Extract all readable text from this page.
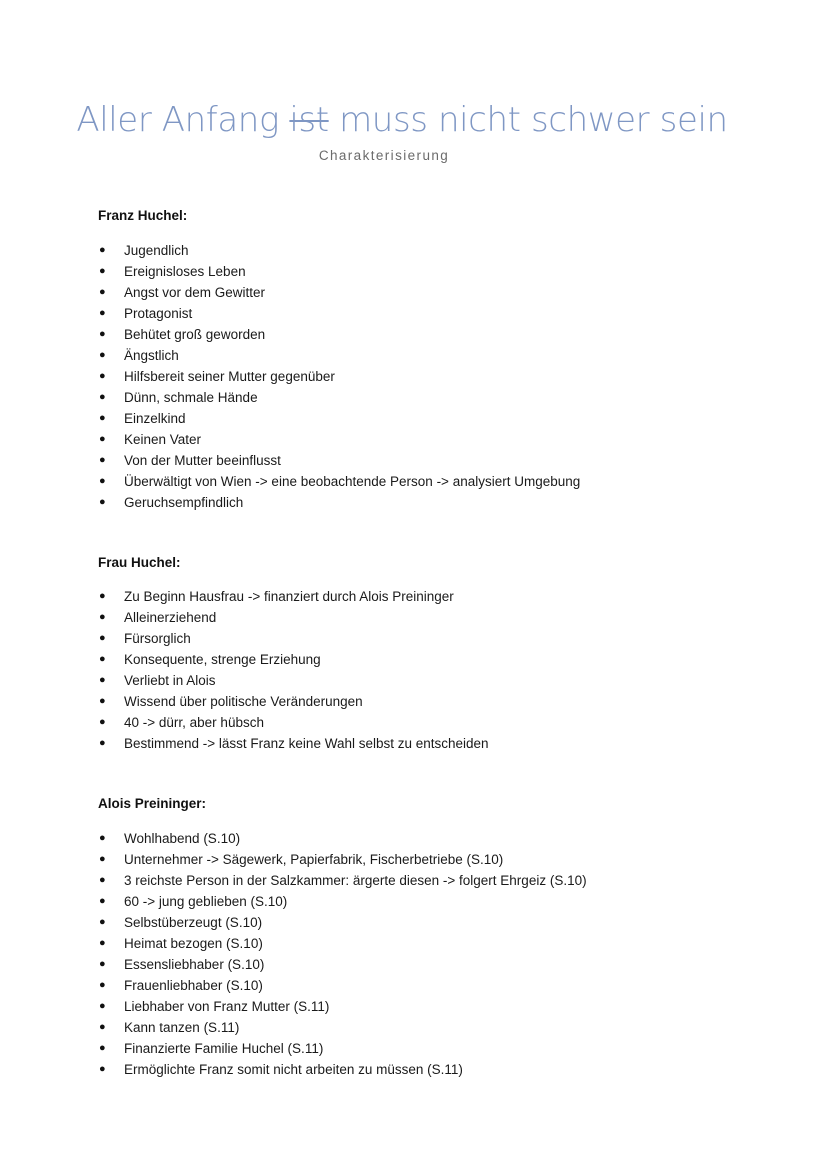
Aller Anfang ist muss nicht schwer sein
Charakterisierung
Franz Huchel:
● Jugendlich
● Ereignisloses Leben
● Angst vor dem Gewitter
● Protagonist
● Behütet groß geworden
● Ängstlich
● Hilfsbereit seiner Mutter gegenüber
● Dünn, schmale Hände
● Einzelkind
● Keinen Vater
● Von der Mutter beeinflusst
● Überwältigt von Wien -> eine beobachtende Person -> analysiert Umgebung
● Geruchsempfindlich
Frau Huchel:
● Zu Beginn Hausfrau -> finanziert durch Alois Preininger
● Alleinerziehend
● Fürsorglich
● Konsequente, strenge Erziehung
● Verliebt in Alois
● Wissend über politische Veränderungen
● 40 -> dürr, aber hübsch
● Bestimmend -> lässt Franz keine Wahl selbst zu entscheiden
Alois Preininger:
● Wohlhabend (S.10)
● Unternehmer -> Sägewerk, Papierfabrik, Fischerbetriebe (S.10)
● 3 reichste Person in der Salzkammer: ärgerte diesen -> folgert Ehrgeiz (S.10)
● 60 -> jung geblieben (S.10)
● Selbstüberzeugt (S.10)
● Heimat bezogen (S.10)
● Essensliebhaber (S.10)
● Frauenliebhaber (S.10)
● Liebhaber von Franz Mutter (S.11)
● Kann tanzen (S.11)
● Finanzierte Familie Huchel (S.11)
● Ermöglichte Franz somit nicht arbeiten zu müssen (S.11)
